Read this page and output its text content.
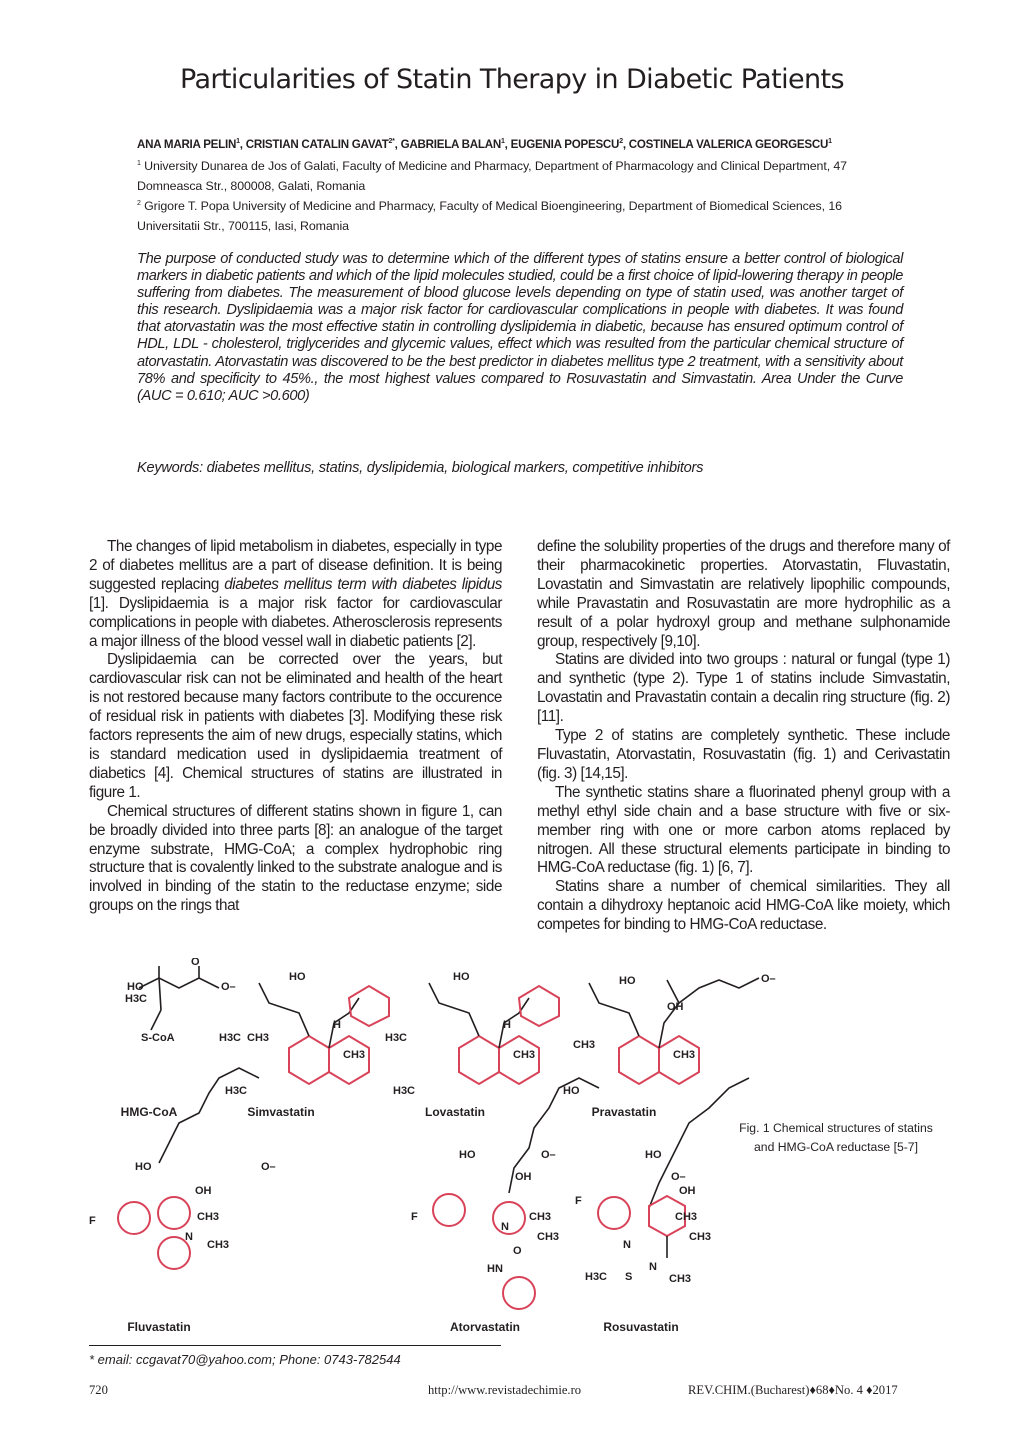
Particularities of Statin Therapy in Diabetic Patients
ANA MARIA PELIN$^1$, CRISTIAN CATALIN $GAVAT^{2*}$, GABRIELA BALAN$^1$, EUGENIA POPESCU$^2$, COSTINELA VALERICA GEORGESCU$^1$
$^1$ University Dunarea de Jos of Galati, Faculty of Medicine and Pharmacy, Department of Pharmacology and Clinical Department, 47 Domneasca Str., 800008, Galati, Romania
$^2$ Grigore T. Popa University of Medicine and Pharmacy, Faculty of Medical Bioengineering, Department of Biomedical Sciences, 16 Universitatii Str., 700115, Iasi, Romania
The purpose of conducted study was to determine which of the different types of statins ensure a better control of biological markers in diabetic patients and which of the lipid molecules studied, could be a first choice of lipid-lowering therapy in people suffering from diabetes. The measurement of blood glucose levels depending on type of statin used, was another target of this research. Dyslipidaemia was a major risk factor for cardiovascular complications in people with diabetes. It was found that atorvastatin was the most effective statin in controlling dyslipidemia in diabetic, because has ensured optimum control of HDL, LDL - cholesterol, triglycerides and glycemic values, effect which was resulted from the particular chemical structure of atorvastatin. Atorvastatin was discovered to be the best predictor in diabetes mellitus type 2 treatment, with a sensitivity about 78% and specificity to 45%., the most highest values compared to Rosuvastatin and Simvastatin. Area Under the Curve (AUC = 0.610; AUC >0.600)
Keywords: diabetes mellitus, statins, dyslipidemia, biological markers, competitive inhibitors

The changes of lipid metabolism in diabetes, especially in type 2 of diabetes mellitus are a part of disease definition. It is being suggested replacing diabetes mellitus term with diabetes lipidus [1]. Dyslipidaemia is a major risk factor for cardiovascular complications in people with diabetes. Atherosclerosis represents a major illness of the blood vessel wall in diabetic patients [2].

Dyslipidaemia can be corrected over the years, but cardiovascular risk can not be eliminated and health of the heart is not restored because many factors contribute to the occurence of residual risk in patients with diabetes [3]. Modifying these risk factors represents the aim of new drugs, especially statins, which is standard medication used in dyslipidaemia treatment of diabetics [4]. Chemical structures of statins are illustrated in figure 1.

Chemical structures of different statins shown in figure 1, can be broadly divided into three parts [8]: an analogue of the target enzyme substrate, HMG-CoA; a complex hydrophobic ring structure that is covalently linked to the substrate analogue and is involved in binding of the statin to the reductase enzyme; side groups on the rings that

define the solubility properties of the drugs and therefore many of their pharmacokinetic properties. Atorvastatin, Fluvastatin, Lovastatin and Simvastatin are relatively lipophilic compounds, while Pravastatin and Rosuvastatin are more hydrophilic as a result of a polar hydroxyl group and methane sulphonamide group, respectively [9,10].

Statins are divided into two groups : natural or fungal (type 1) and synthetic (type 2). Type 1 of statins include Simvastatin, Lovastatin and Pravastatin contain a decalin ring structure (fig. 2) [11].

Type 2 of statins are completely synthetic. These include Fluvastatin, Atorvastatin, Rosuvastatin (fig. 1) and Cerivastatin (fig. 3) [14,15].

The synthetic statins share a fluorinated phenyl group with a methyl ethyl side chain and a base structure with five or six-member ring with one or more carbon atoms replaced by nitrogen. All these structural elements participate in binding to HMG-CoA reductase (fig. 1) [6, 7].

Statins share a number of chemical similarities. They all contain a dihydroxy heptanoic acid HMG-CoA like moiety, which competes for binding to HMG-CoA reductase.

HO
O
O–
H3C
S-CoA
HO
H3C CH3
CH3
H
H3C
HO
H3C
CH3
H
H3C
HO
OH
O–
CH3
CH3
HO
HO	O–
OH
F
N
CH3
CH3
HO	O–
OH
F
N
CH3
CH3
HN
O
HO
O–
OH
F
CH3
CH3
N
N
S
H3C	CH3
HMG-CoA	Simvastatin	Lovastatin	Pravastatin
Fluvastatin	Atorvastatin	Rosuvastatin
Fig. 1 Chemical structures of statins and HMG-CoA reductase [5-7]
* email: ccgavat70@yahoo.com; Phone: 0743-782544
720	http://www.revistadechimie.ro	REV.CHIM.(Bucharest)♦68♦No. 4 ♦2017
